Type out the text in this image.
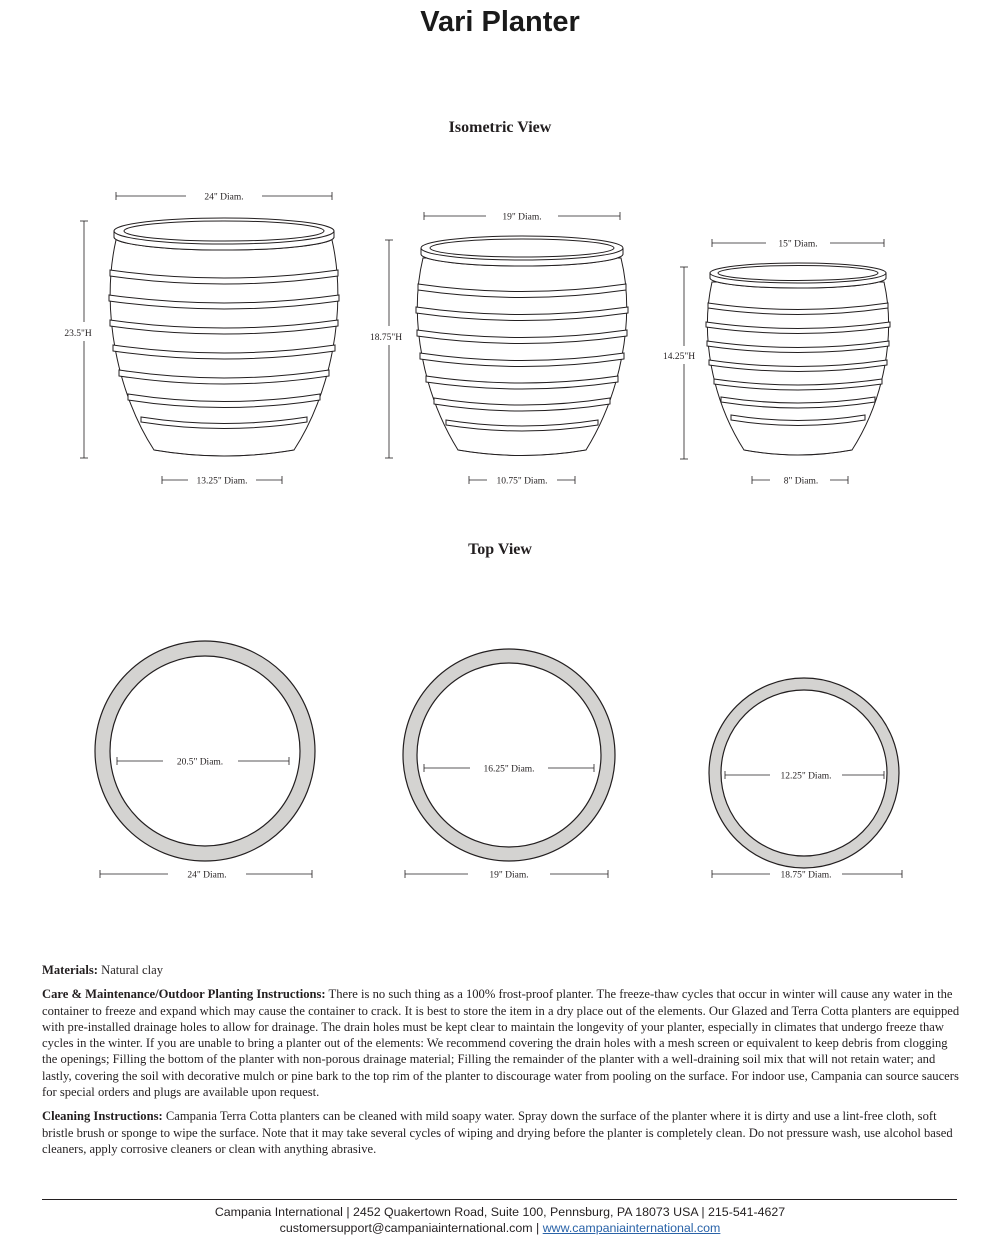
Vari Planter
Isometric View
Top View
24" Diam.
23.5"H
13.25" Diam.
19" Diam.
18.75"H
10.75" Diam.
15" Diam.
14.25"H
8" Diam.
20.5" Diam.
24" Diam.
16.25" Diam.
19" Diam.
12.25" Diam.
18.75" Diam.

Materials: Natural clay

Care & Maintenance/Outdoor Planting Instructions: There is no such thing as a 100% frost-proof planter. The freeze-thaw cycles that occur in winter will cause any water in the container to freeze and expand which may cause the container to crack. It is best to store the item in a dry place out of the elements. Our Glazed and Terra Cotta planters are equipped with pre-installed drainage holes to allow for drainage. The drain holes must be kept clear to maintain the longevity of your planter, especially in climates that undergo freeze thaw cycles in the winter. If you are unable to bring a planter out of the elements: We recommend covering the drain holes with a mesh screen or equivalent to keep debris from clogging the openings; Filling the bottom of the planter with non-porous drainage material; Filling the remainder of the planter with a well-draining soil mix that will not retain water; and lastly, covering the soil with decorative mulch or pine bark to the top rim of the planter to discourage water from pooling on the surface. For indoor use, Campania can source saucers for special orders and plugs are available upon request.

Cleaning Instructions: Campania Terra Cotta planters can be cleaned with mild soapy water. Spray down the surface of the planter where it is dirty and use a lint-free cloth, soft bristle brush or sponge to wipe the surface. Note that it may take several cycles of wiping and drying before the planter is completely clean. Do not pressure wash, use alcohol based cleaners, apply corrosive cleaners or clean with anything abrasive.

Campania International | 2452 Quakertown Road, Suite 100, Pennsburg, PA 18073 USA | 215-541-4627
customersupport@campaniainternational.com | www.campaniainternational.com
